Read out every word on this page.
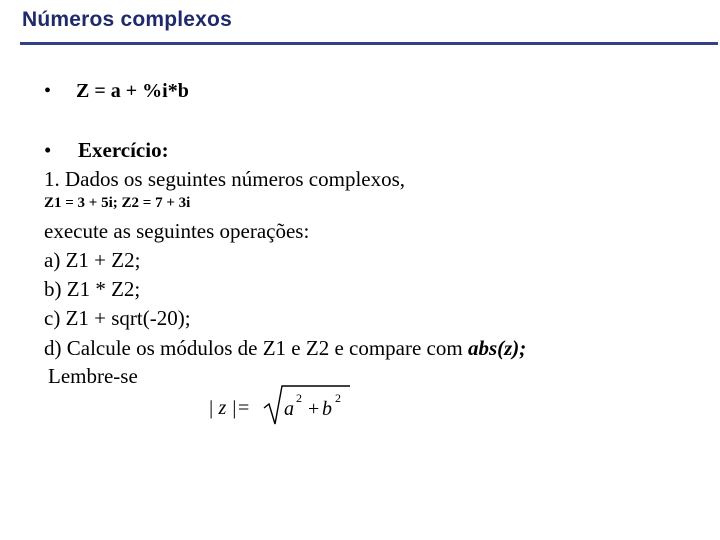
Números complexos
• Z = a + %i*b
• Exercício:
1. Dados os seguintes números complexos,
Z1 = 3 + 5i; Z2 = 7 + 3i
execute as seguintes operações:
a) Z1 + Z2;
b) Z1 * Z2;
c) Z1 + sqrt(-20);
d) Calcule os módulos de Z1 e Z2 e compare com abs(z);
Lembre-se
| z |= a 2 + b 2
